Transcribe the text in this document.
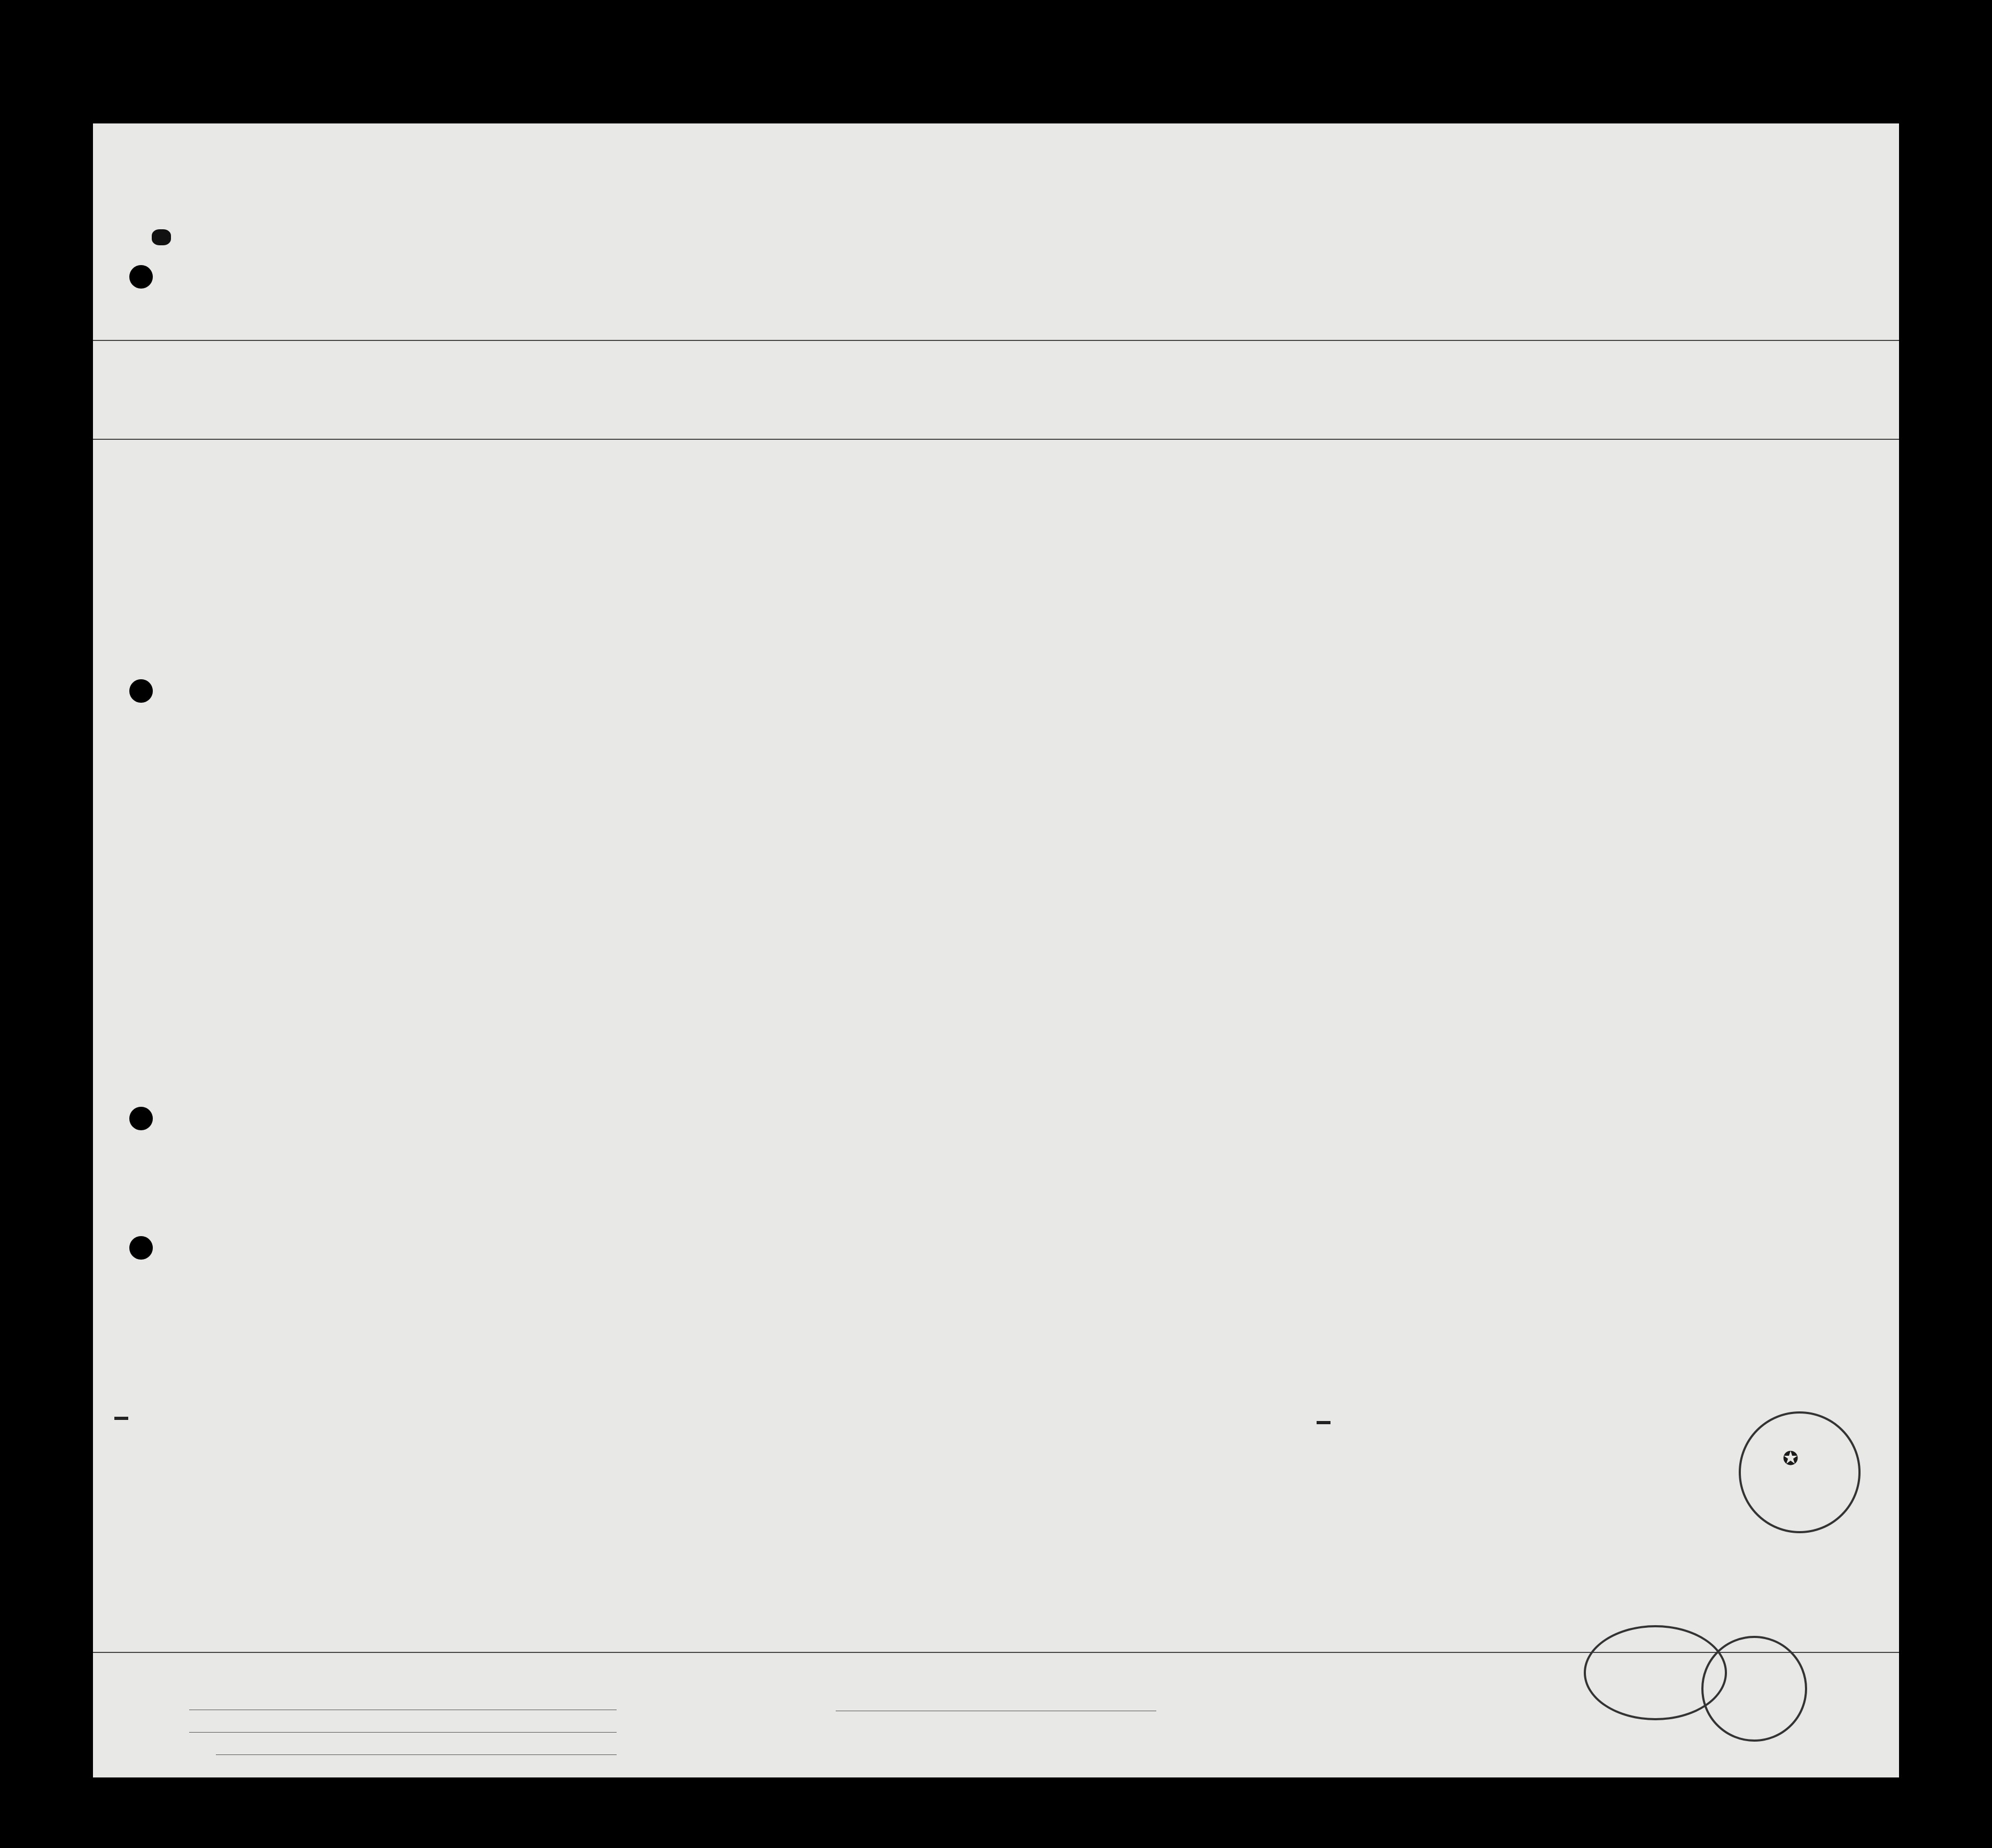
✪
